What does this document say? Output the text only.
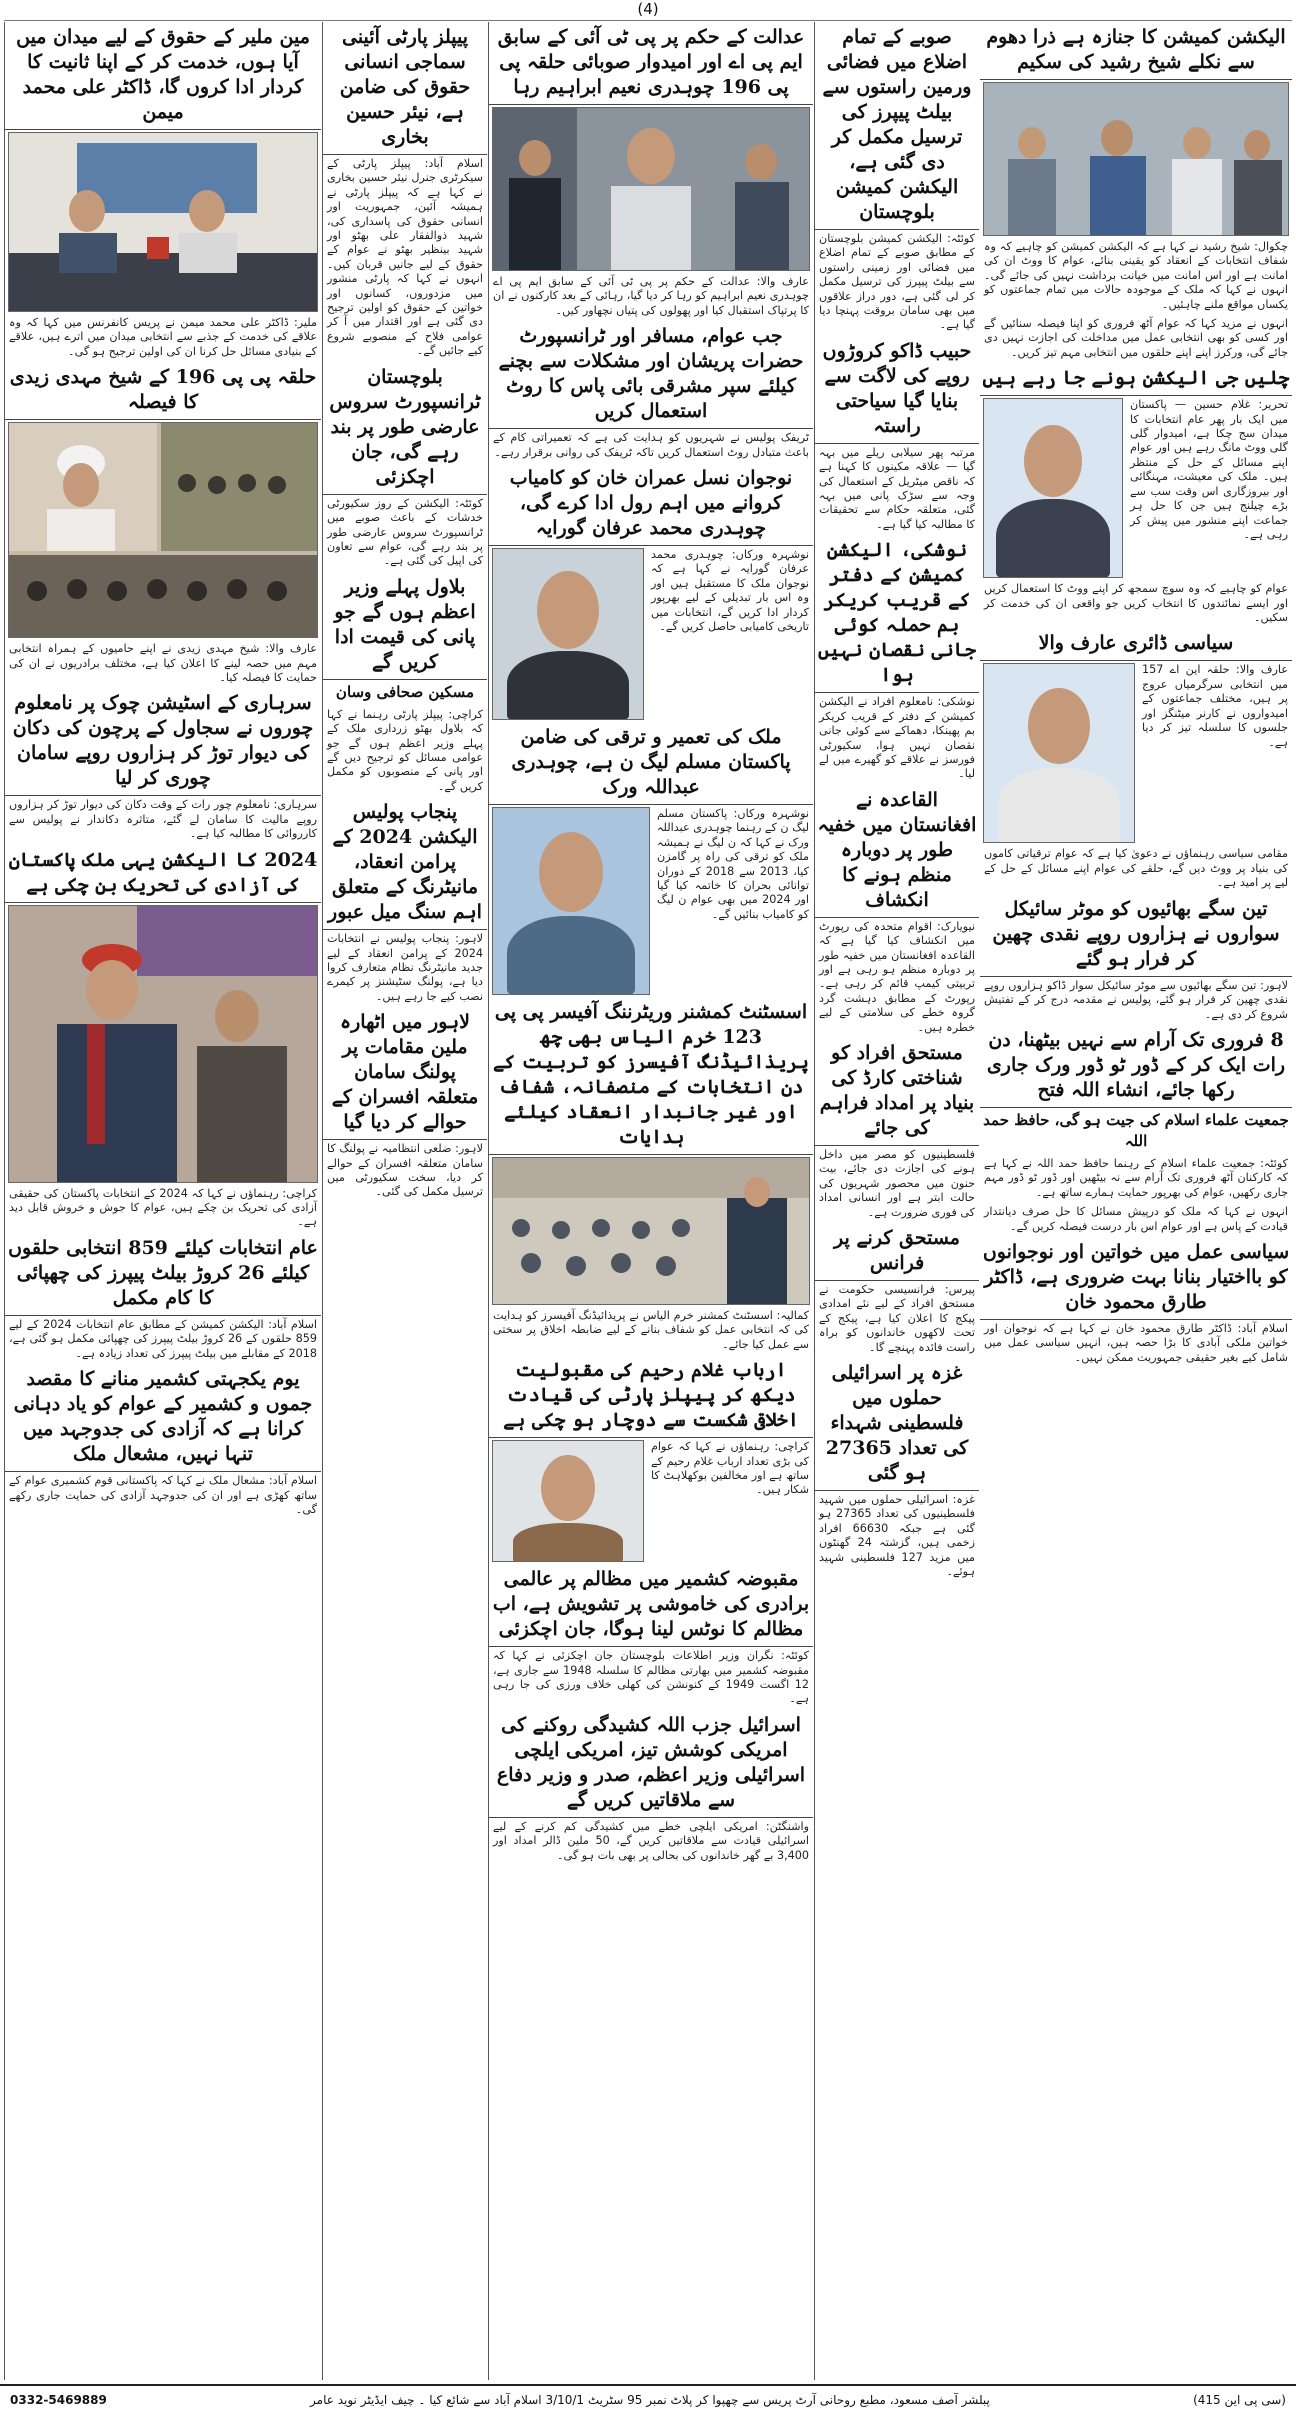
(4)
الیکشن کمیشن کا جنازہ ہے ذرا دھوم سے نکلے شیخ رشید کی سکیم
چکوال: شیخ رشید نے کہا ہے کہ الیکشن کمیشن کو چاہیے کہ وہ شفاف انتخابات کے انعقاد کو یقینی بنائے، عوام کا ووٹ ان کی امانت ہے اور اس امانت میں خیانت برداشت نہیں کی جائے گی۔ انہوں نے کہا کہ ملک کے موجودہ حالات میں تمام جماعتوں کو یکساں مواقع ملنے چاہئیں۔
انہوں نے مزید کہا کہ عوام آٹھ فروری کو اپنا فیصلہ سنائیں گے اور کسی کو بھی انتخابی عمل میں مداخلت کی اجازت نہیں دی جائے گی، ورکرز اپنے اپنے حلقوں میں انتخابی مہم تیز کریں۔
چلیں جی الیکشن ہونے جا رہے ہیں
تحریر: غلام حسین — پاکستان میں ایک بار پھر عام انتخابات کا میدان سج چکا ہے، امیدوار گلی گلی ووٹ مانگ رہے ہیں اور عوام اپنے مسائل کے حل کے منتظر ہیں۔ ملک کی معیشت، مہنگائی اور بیروزگاری اس وقت سب سے بڑے چیلنج ہیں جن کا حل ہر جماعت اپنے منشور میں پیش کر رہی ہے۔
عوام کو چاہیے کہ وہ سوچ سمجھ کر اپنے ووٹ کا استعمال کریں اور ایسے نمائندوں کا انتخاب کریں جو واقعی ان کی خدمت کر سکیں۔
سیاسی ڈائری عارف والا
عارف والا: حلقہ این اے 157 میں انتخابی سرگرمیاں عروج پر ہیں، مختلف جماعتوں کے امیدواروں نے کارنر میٹنگز اور جلسوں کا سلسلہ تیز کر دیا ہے۔
مقامی سیاسی رہنماؤں نے دعویٰ کیا ہے کہ عوام ترقیاتی کاموں کی بنیاد پر ووٹ دیں گے، حلقے کی عوام اپنے مسائل کے حل کے لیے پر امید ہے۔
تین سگے بھائیوں کو موٹر سائیکل سواروں نے ہزاروں روپے نقدی چھین کر فرار ہو گئے
لاہور: تین سگے بھائیوں سے موٹر سائیکل سوار ڈاکو ہزاروں روپے نقدی چھین کر فرار ہو گئے، پولیس نے مقدمہ درج کر کے تفتیش شروع کر دی ہے۔
8 فروری تک آرام سے نہیں بیٹھنا، دن رات ایک کر کے ڈور ٹو ڈور ورک جاری رکھا جائے، انشاء اللہ فتح
جمعیت علماء اسلام کی جیت ہو گی، حافظ حمد اللہ
کوئٹہ: جمعیت علماء اسلام کے رہنما حافظ حمد اللہ نے کہا ہے کہ کارکنان آٹھ فروری تک آرام سے نہ بیٹھیں اور ڈور ٹو ڈور مہم جاری رکھیں، عوام کی بھرپور حمایت ہمارے ساتھ ہے۔
انہوں نے کہا کہ ملک کو درپیش مسائل کا حل صرف دیانتدار قیادت کے پاس ہے اور عوام اس بار درست فیصلہ کریں گے۔
سیاسی عمل میں خواتین اور نوجوانوں کو بااختیار بنانا بہت ضروری ہے، ڈاکٹر طارق محمود خان
اسلام آباد: ڈاکٹر طارق محمود خان نے کہا ہے کہ نوجوان اور خواتین ملکی آبادی کا بڑا حصہ ہیں، انہیں سیاسی عمل میں شامل کیے بغیر حقیقی جمہوریت ممکن نہیں۔
صوبے کے تمام اضلاع میں فضائی ورمین راستوں سے بیلٹ پیپرز کی ترسیل مکمل کر دی گئی ہے، الیکشن کمیشن بلوچستان
کوئٹہ: الیکشن کمیشن بلوچستان کے مطابق صوبے کے تمام اضلاع میں فضائی اور زمینی راستوں سے بیلٹ پیپرز کی ترسیل مکمل کر لی گئی ہے، دور دراز علاقوں میں بھی سامان بروقت پہنچا دیا گیا ہے۔
حبیب ڈاکو کروڑوں روپے کی لاگت سے بنایا گیا سیاحتی راستہ
مرتبہ پھر سیلابی ریلے میں بہہ گیا — علاقہ مکینوں کا کہنا ہے کہ ناقص میٹریل کے استعمال کی وجہ سے سڑک پانی میں بہہ گئی، متعلقہ حکام سے تحقیقات کا مطالبہ کیا گیا ہے۔
نوشکی، الیکشن کمیشن کے دفتر کے قریب کریکر بم حملہ کوئی جانی نقصان نہیں ہوا
نوشکی: نامعلوم افراد نے الیکشن کمیشن کے دفتر کے قریب کریکر بم پھینکا، دھماکے سے کوئی جانی نقصان نہیں ہوا، سکیورٹی فورسز نے علاقے کو گھیرے میں لے لیا۔
القاعدہ نے افغانستان میں خفیہ طور پر دوبارہ منظم ہونے کا انکشاف
نیویارک: اقوام متحدہ کی رپورٹ میں انکشاف کیا گیا ہے کہ القاعدہ افغانستان میں خفیہ طور پر دوبارہ منظم ہو رہی ہے اور تربیتی کیمپ قائم کر رہی ہے۔ رپورٹ کے مطابق دہشت گرد گروہ خطے کی سلامتی کے لیے خطرہ ہیں۔
مستحق افراد کو شناختی کارڈ کی بنیاد پر امداد فراہم کی جائے
فلسطینیوں کو مصر میں داخل ہونے کی اجازت دی جائے، بیت حنون میں محصور شہریوں کی حالت ابتر ہے اور انسانی امداد کی فوری ضرورت ہے۔
مستحق کرنے پر فرانس
پیرس: فرانسیسی حکومت نے مستحق افراد کے لیے نئے امدادی پیکج کا اعلان کیا ہے، پیکج کے تحت لاکھوں خاندانوں کو براہ راست فائدہ پہنچے گا۔
غزہ پر اسرائیلی حملوں میں فلسطینی شہداء کی تعداد 27365 ہو گئی
غزہ: اسرائیلی حملوں میں شہید فلسطینیوں کی تعداد 27365 ہو گئی ہے جبکہ 66630 افراد زخمی ہیں، گزشتہ 24 گھنٹوں میں مزید 127 فلسطینی شہید ہوئے۔
عدالت کے حکم پر پی ٹی آئی کے سابق ایم پی اے اور امیدوار صوبائی حلقہ پی پی 196 چوہدری نعیم ابراہیم رہا
عارف والا: عدالت کے حکم پر پی ٹی آئی کے سابق ایم پی اے چوہدری نعیم ابراہیم کو رہا کر دیا گیا، رہائی کے بعد کارکنوں نے ان کا پرتپاک استقبال کیا اور پھولوں کی پتیاں نچھاور کیں۔
جب عوام، مسافر اور ٹرانسپورٹ حضرات پریشان اور مشکلات سے بچنے کیلئے سپر مشرقی بائی پاس کا روٹ استعمال کریں
ٹریفک پولیس نے شہریوں کو ہدایت کی ہے کہ تعمیراتی کام کے باعث متبادل روٹ استعمال کریں تاکہ ٹریفک کی روانی برقرار رہے۔
نوجوان نسل عمران خان کو کامیاب کروانے میں اہم رول ادا کرے گی، چوہدری محمد عرفان گورایہ
نوشہرہ ورکاں: چوہدری محمد عرفان گورایہ نے کہا ہے کہ نوجوان ملک کا مستقبل ہیں اور وہ اس بار تبدیلی کے لیے بھرپور کردار ادا کریں گے، انتخابات میں تاریخی کامیابی حاصل کریں گے۔
ملک کی تعمیر و ترقی کی ضامن پاکستان مسلم لیگ ن ہے، چوہدری عبداللہ ورک
نوشہرہ ورکاں: پاکستان مسلم لیگ ن کے رہنما چوہدری عبداللہ ورک نے کہا کہ ن لیگ نے ہمیشہ ملک کو ترقی کی راہ پر گامزن کیا، 2013 سے 2018 کے دوران توانائی بحران کا خاتمہ کیا گیا اور 2024 میں بھی عوام ن لیگ کو کامیاب بنائیں گے۔
اسسٹنٹ کمشنر وریٹرننگ آفیسر پی پی 123 خرم الیاس بھی چھ پریذائیڈنگ آفیسرز کو تربیت کے دن انتخابات کے منصفانہ، شفاف اور غیر جانبدار انعقاد کیلئے ہدایات
کمالیہ: اسسٹنٹ کمشنر خرم الیاس نے پریذائیڈنگ آفیسرز کو ہدایت کی کہ انتخابی عمل کو شفاف بنانے کے لیے ضابطہ اخلاق پر سختی سے عمل کیا جائے۔
ارباب غلام رحیم کی مقبولیت دیکھ کر پیپلز پارٹی کی قیادت اخلاقی شکست سے دوچار ہو چکی ہے
کراچی: رہنماؤں نے کہا کہ عوام کی بڑی تعداد ارباب غلام رحیم کے ساتھ ہے اور مخالفین بوکھلاہٹ کا شکار ہیں۔
مقبوضہ کشمیر میں مظالم پر عالمی برادری کی خاموشی پر تشویش ہے، اب مظالم کا نوٹس لینا ہوگا، جان اچکزئی
کوئٹہ: نگران وزیر اطلاعات بلوچستان جان اچکزئی نے کہا کہ مقبوضہ کشمیر میں بھارتی مظالم کا سلسلہ 1948 سے جاری ہے، 12 اگست 1949 کے کنونشن کی کھلی خلاف ورزی کی جا رہی ہے۔
اسرائیل جزب اللہ کشیدگی روکنے کی امریکی کوشش تیز، امریکی ایلچی اسرائیلی وزیر اعظم، صدر و وزیر دفاع سے ملاقاتیں کریں گے
واشنگٹن: امریکی ایلچی خطے میں کشیدگی کم کرنے کے لیے اسرائیلی قیادت سے ملاقاتیں کریں گے، 50 ملین ڈالر امداد اور 3,400 بے گھر خاندانوں کی بحالی پر بھی بات ہو گی۔
پیپلز پارٹی آئینی سماجی انسانی حقوق کی ضامن ہے، نیئر حسین بخاری
اسلام آباد: پیپلز پارٹی کے سیکرٹری جنرل نیئر حسین بخاری نے کہا ہے کہ پیپلز پارٹی نے ہمیشہ آئین، جمہوریت اور انسانی حقوق کی پاسداری کی، شہید ذوالفقار علی بھٹو اور شہید بینظیر بھٹو نے عوام کے حقوق کے لیے جانیں قربان کیں۔ انہوں نے کہا کہ پارٹی منشور میں مزدوروں، کسانوں اور خواتین کے حقوق کو اولین ترجیح دی گئی ہے اور اقتدار میں آ کر عوامی فلاح کے منصوبے شروع کیے جائیں گے۔
بلوچستان ٹرانسپورٹ سروس عارضی طور پر بند رہے گی، جان اچکزئی
کوئٹہ: الیکشن کے روز سکیورٹی خدشات کے باعث صوبے میں ٹرانسپورٹ سروس عارضی طور پر بند رہے گی، عوام سے تعاون کی اپیل کی گئی ہے۔
بلاول پہلے وزیر اعظم ہوں گے جو پانی کی قیمت ادا کریں گے
مسکین صحافی وسان
کراچی: پیپلز پارٹی رہنما نے کہا کہ بلاول بھٹو زرداری ملک کے پہلے وزیر اعظم ہوں گے جو عوامی مسائل کو ترجیح دیں گے اور پانی کے منصوبوں کو مکمل کریں گے۔
پنجاب پولیس الیکشن 2024 کے پرامن انعقاد، مانیٹرنگ کے متعلق اہم سنگ میل عبور
لاہور: پنجاب پولیس نے انتخابات 2024 کے پرامن انعقاد کے لیے جدید مانیٹرنگ نظام متعارف کروا دیا ہے، پولنگ سٹیشنز پر کیمرے نصب کیے جا رہے ہیں۔
لاہور میں اٹھارہ ملین مقامات پر پولنگ سامان متعلقہ افسران کے حوالے کر دیا گیا
لاہور: ضلعی انتظامیہ نے پولنگ کا سامان متعلقہ افسران کے حوالے کر دیا، سخت سکیورٹی میں ترسیل مکمل کی گئی۔
مین ملیر کے حقوق کے لیے میدان میں آیا ہوں، خدمت کر کے اپنا ثانیت کا کردار ادا کروں گا، ڈاکٹر علی محمد میمن
ملیر: ڈاکٹر علی محمد میمن نے پریس کانفرنس میں کہا کہ وہ علاقے کی خدمت کے جذبے سے انتخابی میدان میں اترے ہیں، علاقے کے بنیادی مسائل حل کرنا ان کی اولین ترجیح ہو گی۔
حلقہ پی پی 196 کے شیخ مہدی زیدی کا فیصلہ
عارف والا: شیخ مہدی زیدی نے اپنے حامیوں کے ہمراہ انتخابی مہم میں حصہ لینے کا اعلان کیا ہے، مختلف برادریوں نے ان کی حمایت کا فیصلہ کیا۔
سرہاری کے اسٹیشن چوک پر نامعلوم چوروں نے سجاول کے پرچون کی دکان کی دیوار توڑ کر ہزاروں روپے سامان چوری کر لیا
سرہاری: نامعلوم چور رات کے وقت دکان کی دیوار توڑ کر ہزاروں روپے مالیت کا سامان لے گئے، متاثرہ دکاندار نے پولیس سے کارروائی کا مطالبہ کیا ہے۔
2024 کا الیکشن یہی ملک پاکستان کی آزادی کی تحریک بن چکی ہے
کراچی: رہنماؤں نے کہا کہ 2024 کے انتخابات پاکستان کی حقیقی آزادی کی تحریک بن چکے ہیں، عوام کا جوش و خروش قابل دید ہے۔
عام انتخابات کیلئے 859 انتخابی حلقوں کیلئے 26 کروڑ بیلٹ پیپرز کی چھپائی کا کام مکمل
اسلام آباد: الیکشن کمیشن کے مطابق عام انتخابات 2024 کے لیے 859 حلقوں کے 26 کروڑ بیلٹ پیپرز کی چھپائی مکمل ہو گئی ہے، 2018 کے مقابلے میں بیلٹ پیپرز کی تعداد زیادہ ہے۔
یوم یکجہتی کشمیر منانے کا مقصد جموں و کشمیر کے عوام کو یاد دہانی کرانا ہے کہ آزادی کی جدوجہد میں تنہا نہیں، مشعال ملک
اسلام آباد: مشعال ملک نے کہا کہ پاکستانی قوم کشمیری عوام کے ساتھ کھڑی ہے اور ان کی جدوجہد آزادی کی حمایت جاری رکھے گی۔
(سی پی این 415)
پبلشر آصف مسعود، مطبع روحانی آرٹ پریس سے چھپوا کر پلاٹ نمبر 95 سٹریٹ 3/10/1 اسلام آباد سے شائع کیا ۔ چیف ایڈیٹر نوید عامر
0332-5469889
